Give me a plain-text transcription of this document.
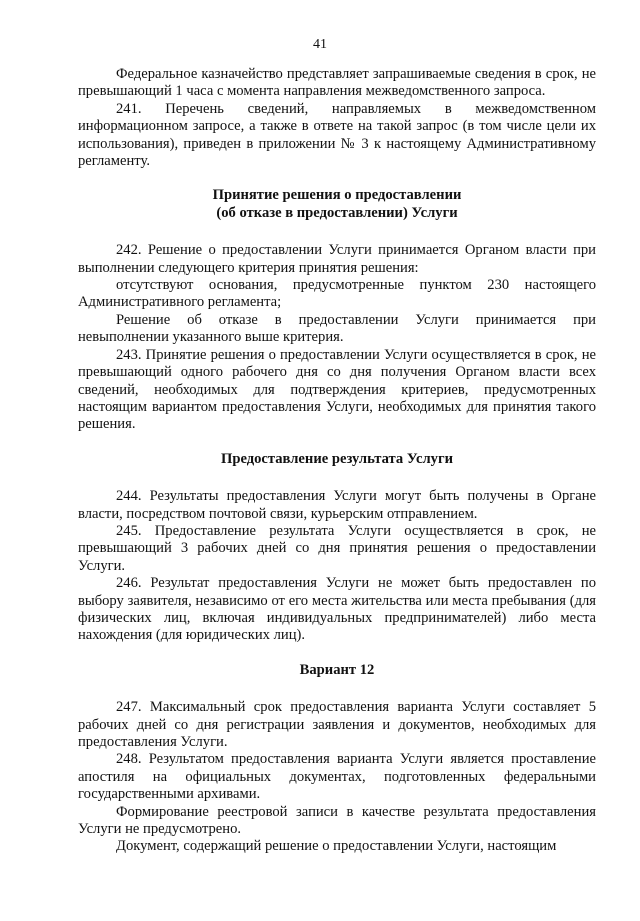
41

Федеральное казначейство представляет запрашиваемые сведения в срок, не превышающий 1 часа с момента направления межведомственного запроса.

241. Перечень сведений, направляемых в межведомственном информационном запросе, а также в ответе на такой запрос (в том числе цели их использования), приведен в приложении № 3 к настоящему Административному регламенту.

Принятие решения о предоставлении
(об отказе в предоставлении) Услуги

242. Решение о предоставлении Услуги принимается Органом власти при выполнении следующего критерия принятия решения:

отсутствуют основания, предусмотренные пунктом 230 настоящего Административного регламента;

Решение об отказе в предоставлении Услуги принимается при невыполнении указанного выше критерия.

243. Принятие решения о предоставлении Услуги осуществляется в срок, не превышающий одного рабочего дня со дня получения Органом власти всех сведений, необходимых для подтверждения критериев, предусмотренных настоящим вариантом предоставления Услуги, необходимых для принятия такого решения.

Предоставление результата Услуги

244. Результаты предоставления Услуги могут быть получены в Органе власти, посредством почтовой связи, курьерским отправлением.

245. Предоставление результата Услуги осуществляется в срок, не превышающий 3 рабочих дней со дня принятия решения о предоставлении Услуги.

246. Результат предоставления Услуги не может быть предоставлен по выбору заявителя, независимо от его места жительства или места пребывания (для физических лиц, включая индивидуальных предпринимателей) либо места нахождения (для юридических лиц).

Вариант 12

247. Максимальный срок предоставления варианта Услуги составляет 5 рабочих дней со дня регистрации заявления и документов, необходимых для предоставления Услуги.

248. Результатом предоставления варианта Услуги является проставление апостиля на официальных документах, подготовленных федеральными государственными архивами.

Формирование реестровой записи в качестве результата предоставления Услуги не предусмотрено.

Документ, содержащий решение о предоставлении Услуги, настоящим
